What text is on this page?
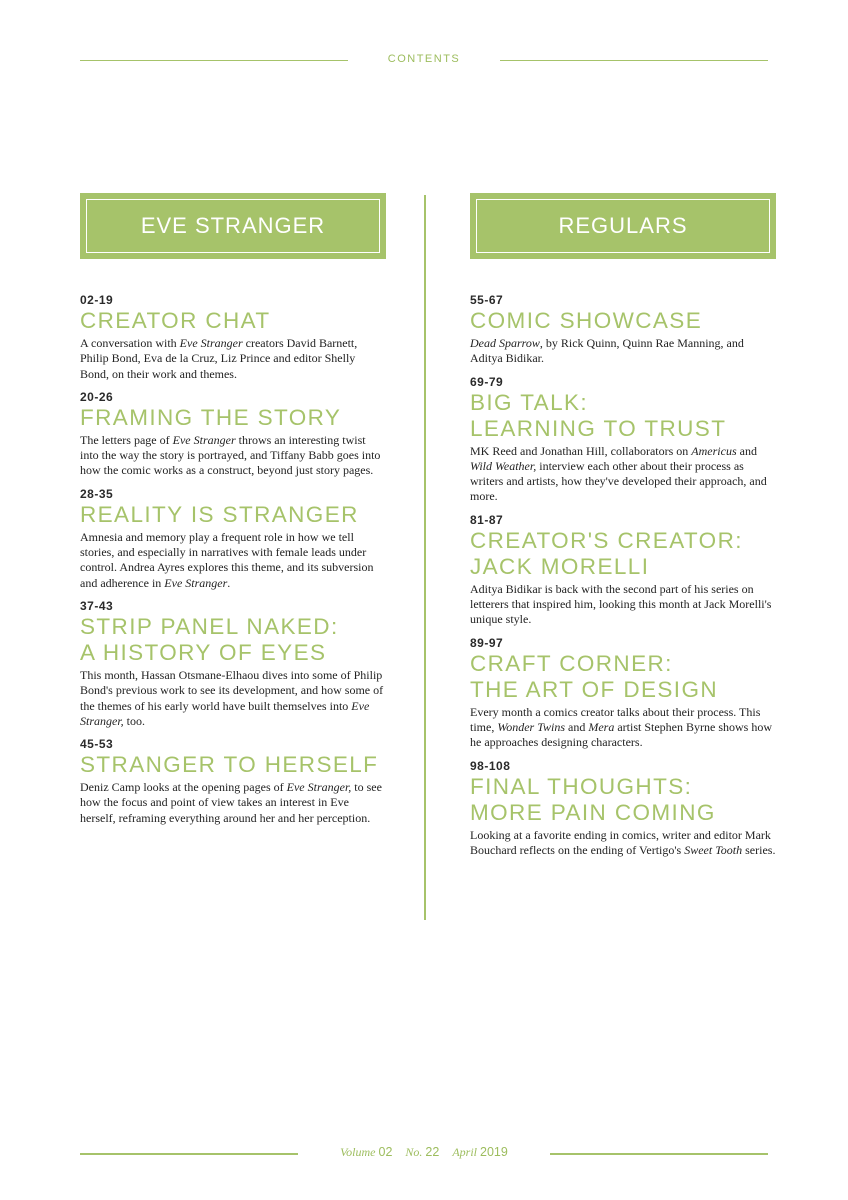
CONTENTS
EVE STRANGER
02-19
CREATOR CHAT

A conversation with Eve Stranger creators David Barnett, Philip Bond, Eva de la Cruz, Liz Prince and editor Shelly Bond, on their work and themes.

20-26
FRAMING THE STORY

The letters page of Eve Stranger throws an interesting twist into the way the story is portrayed, and Tiffany Babb goes into how the comic works as a construct, beyond just story pages.

28-35
REALITY IS STRANGER

Amnesia and memory play a frequent role in how we tell stories, and especially in narratives with female leads under control. Andrea Ayres explores this theme, and its subversion and adherence in Eve Stranger.

37-43
STRIP PANEL NAKED:
A HISTORY OF EYES

This month, Hassan Otsmane-Elhaou dives into some of Philip Bond's previous work to see its development, and how some of the themes of his early world have built themselves into Eve Stranger, too.

45-53
STRANGER TO HERSELF

Deniz Camp looks at the opening pages of Eve Stranger, to see how the focus and point of view takes an interest in Eve herself, reframing everything around her and her perception.

REGULARS
55-67
COMIC SHOWCASE

Dead Sparrow, by Rick Quinn, Quinn Rae Manning, and Aditya Bidikar.

69-79
BIG TALK:
LEARNING TO TRUST

MK Reed and Jonathan Hill, collaborators on Americus and Wild Weather, interview each other about their process as writers and artists, how they've developed their approach, and more.

81-87
CREATOR'S CREATOR:
JACK MORELLI

Aditya Bidikar is back with the second part of his series on letterers that inspired him, looking this month at Jack Morelli's unique style.

89-97
CRAFT CORNER:
THE ART OF DESIGN

Every month a comics creator talks about their process. This time, Wonder Twins and Mera artist Stephen Byrne shows how he approaches designing characters.

98-108
FINAL THOUGHTS:
MORE PAIN COMING

Looking at a favorite ending in comics, writer and editor Mark Bouchard reflects on the ending of Vertigo's Sweet Tooth series.

Volume 02 No. 22 April 2019
